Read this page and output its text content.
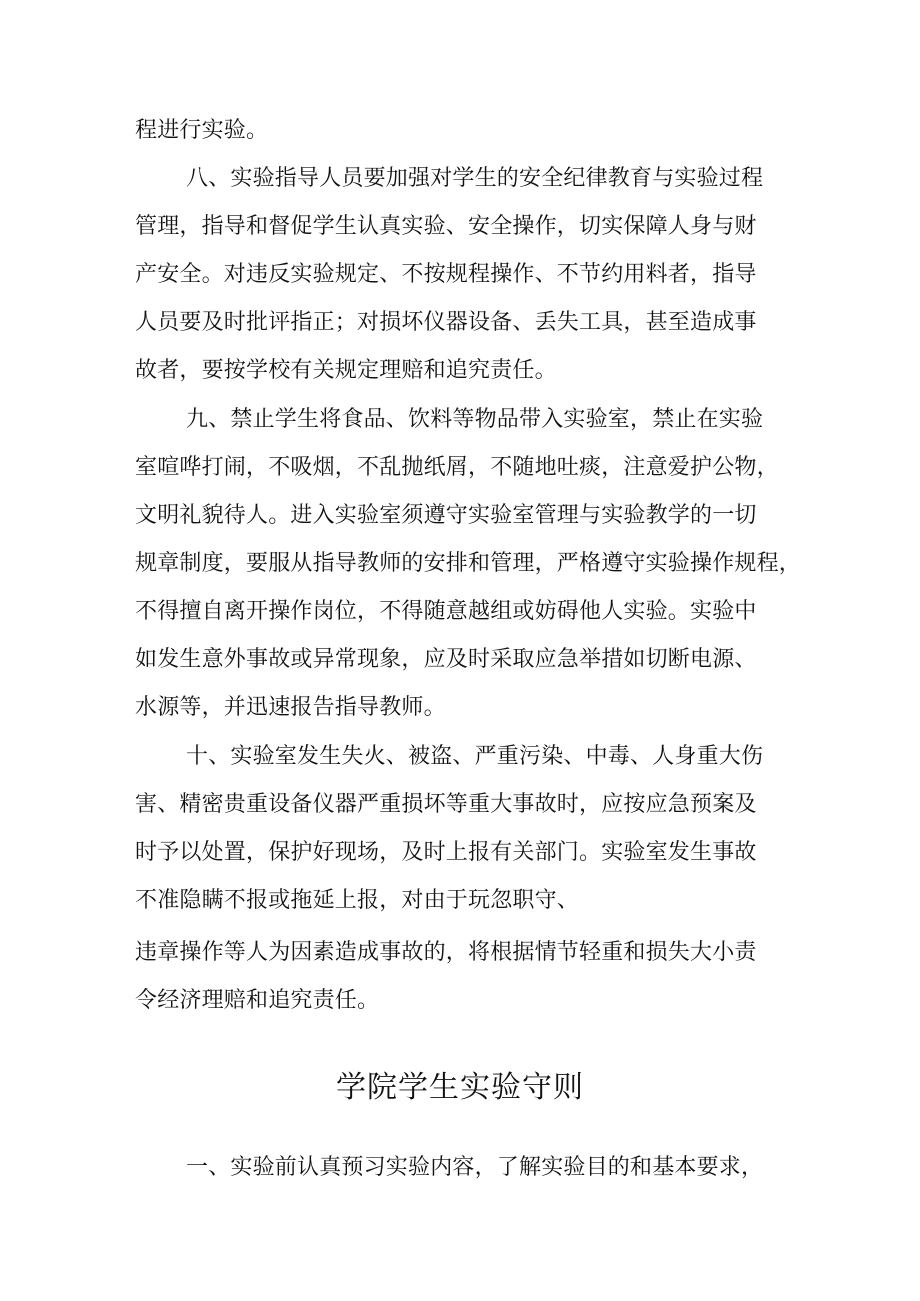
程进行实验。
八、实验指导人员要加强对学生的安全纪律教育与实验过程
管理，指导和督促学生认真实验、安全操作，切实保障人身与财
产安全。对违反实验规定、不按规程操作、不节约用料者，指导
人员要及时批评指正；对损坏仪器设备、丢失工具，甚至造成事
故者，要按学校有关规定理赔和追究责任。
九、禁止学生将食品、饮料等物品带入实验室，禁止在实验
室喧哗打闹，不吸烟，不乱抛纸屑，不随地吐痰，注意爱护公物，
文明礼貌待人。进入实验室须遵守实验室管理与实验教学的一切
规章制度，要服从指导教师的安排和管理，严格遵守实验操作规程，
不得擅自离开操作岗位，不得随意越组或妨碍他人实验。实验中
如发生意外事故或异常现象，应及时采取应急举措如切断电源、
水源等，并迅速报告指导教师。
十、实验室发生失火、被盗、严重污染、中毒、人身重大伤
害、精密贵重设备仪器严重损坏等重大事故时，应按应急预案及
时予以处置，保护好现场，及时上报有关部门。实验室发生事故
不准隐瞒不报或拖延上报，对由于玩忽职守、
违章操作等人为因素造成事故的，将根据情节轻重和损失大小责
令经济理赔和追究责任。
学院学生实验守则
一、实验前认真预习实验内容，了解实验目的和基本要求，
